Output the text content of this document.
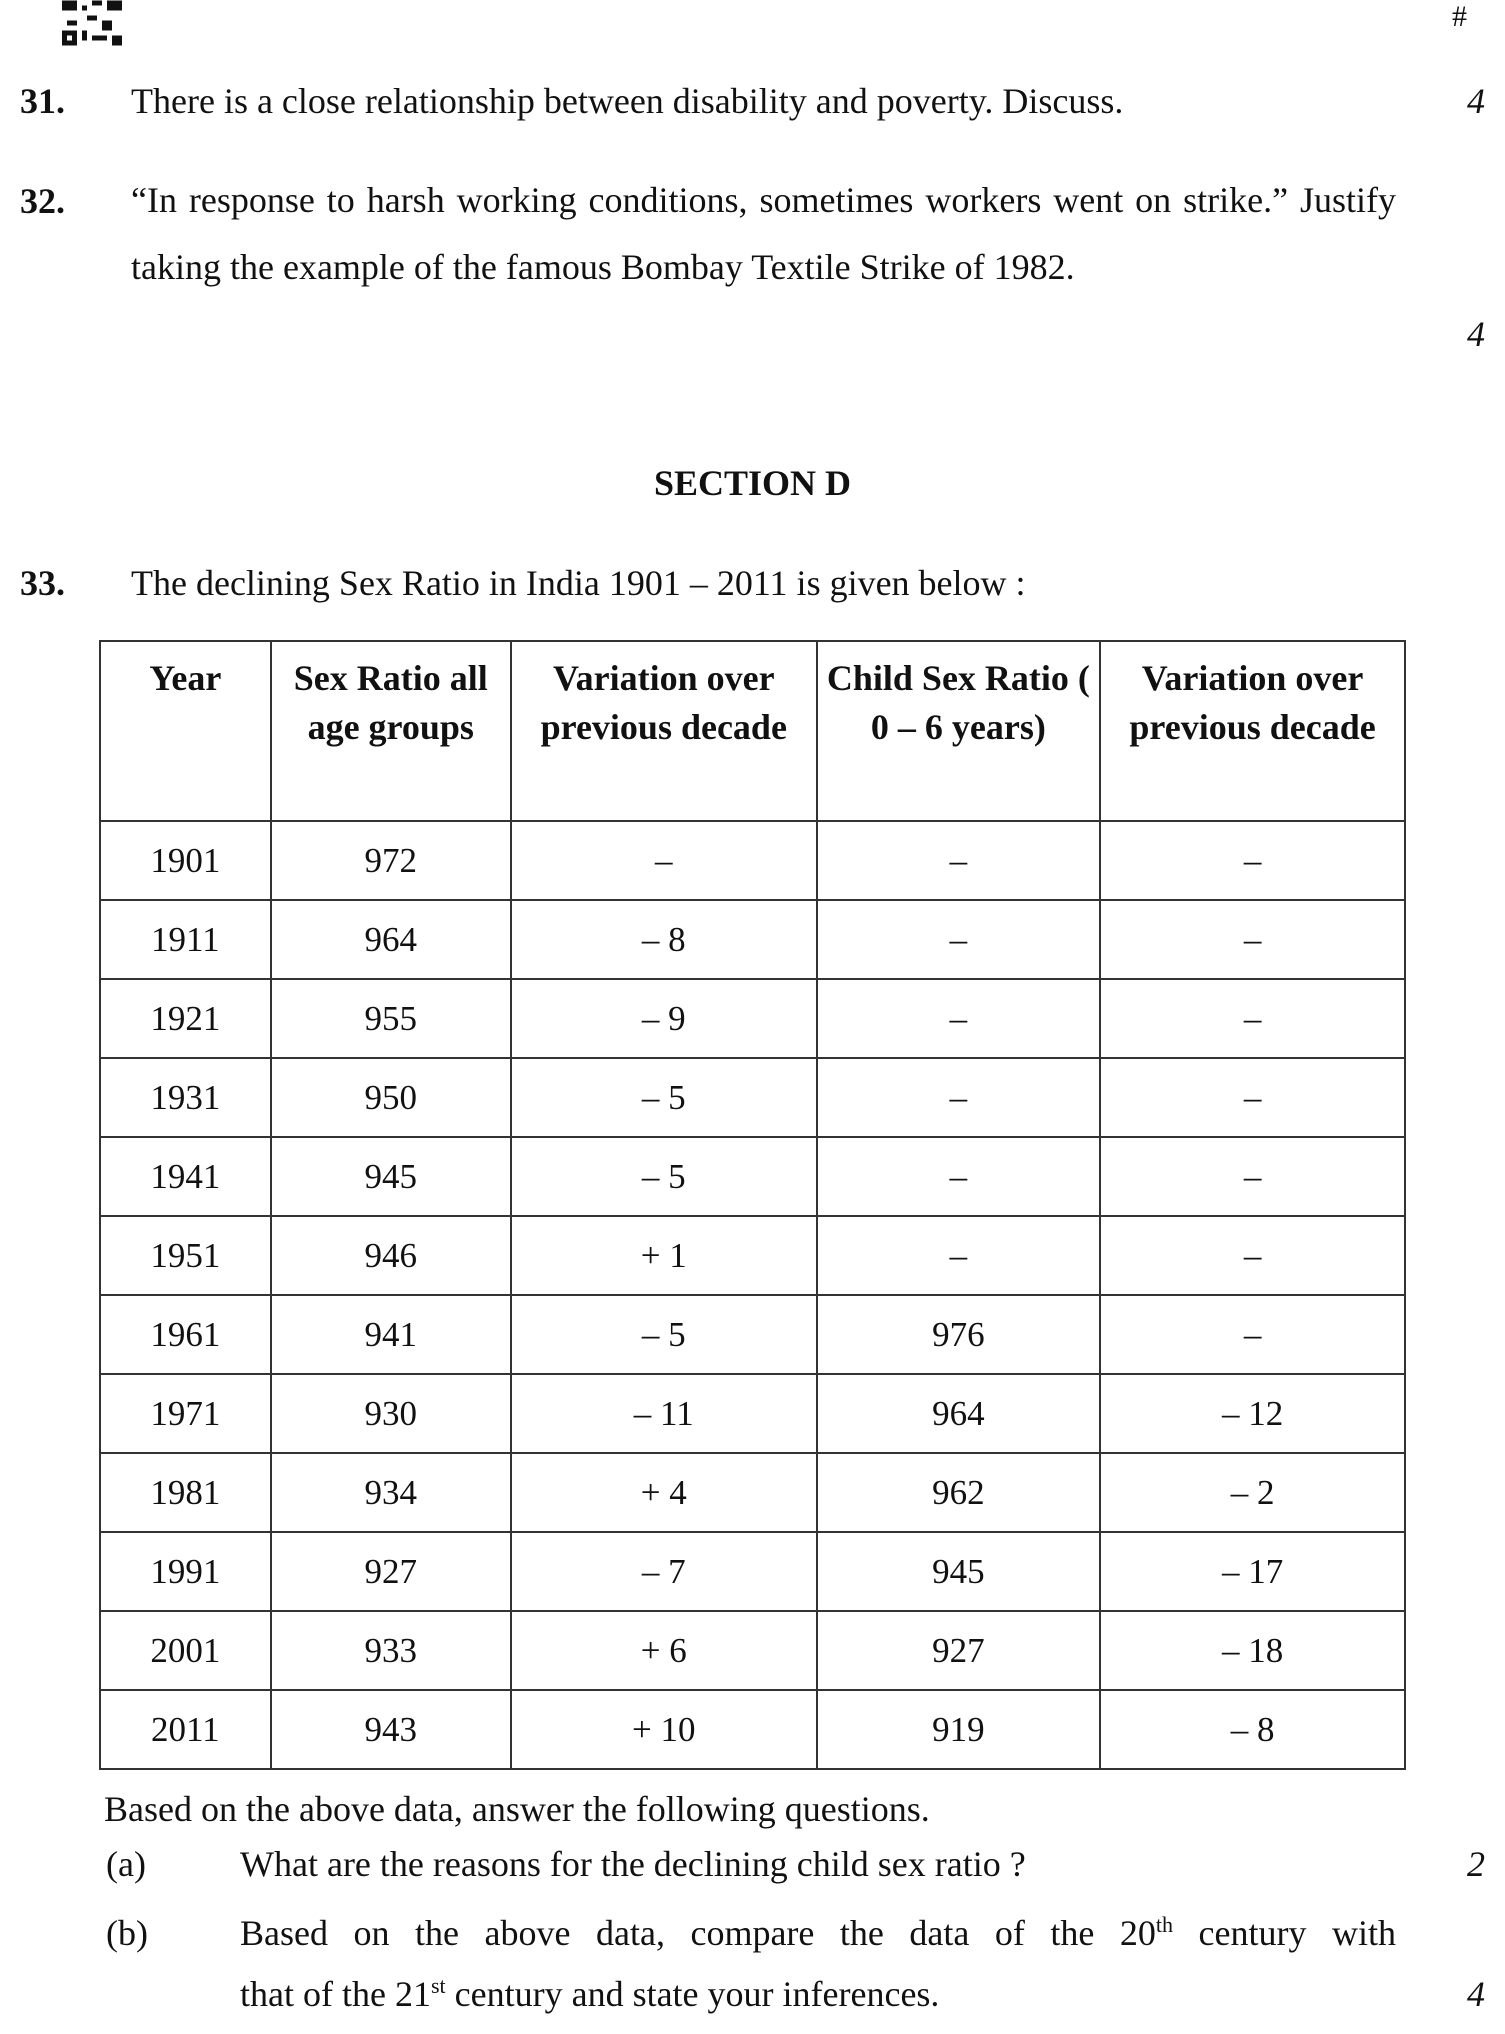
#
31. There is a close relationship between disability and poverty. Discuss.	4
32. “In response to harsh working conditions, sometimes workers went on strike.” Justify taking the example of the famous Bombay Textile Strike of 1982.
4
SECTION D
33. The declining Sex Ratio in India 1901 – 2011 is given below :
Year	Sex Ratio all age groups	Variation over previous decade	Child Sex Ratio ( 0 – 6 years)	Variation over previous decade
1901	972	–	–	–
1911	964	– 8	–	–
1921	955	– 9	–	–
1931	950	– 5	–	–
1941	945	– 5	–	–
1951	946	+ 1	–	–
1961	941	– 5	976	–
1971	930	– 11	964	– 12
1981	934	+ 4	962	– 2
1991	927	– 7	945	– 17
2001	933	+ 6	927	– 18
2011	943	+ 10	919	– 8
Based on the above data, answer the following questions.
(a)	What are the reasons for the declining child sex ratio ?	2
(b)	Based on the above data, compare the data of the 20th century with
that of the 21st century and state your inferences.	4
